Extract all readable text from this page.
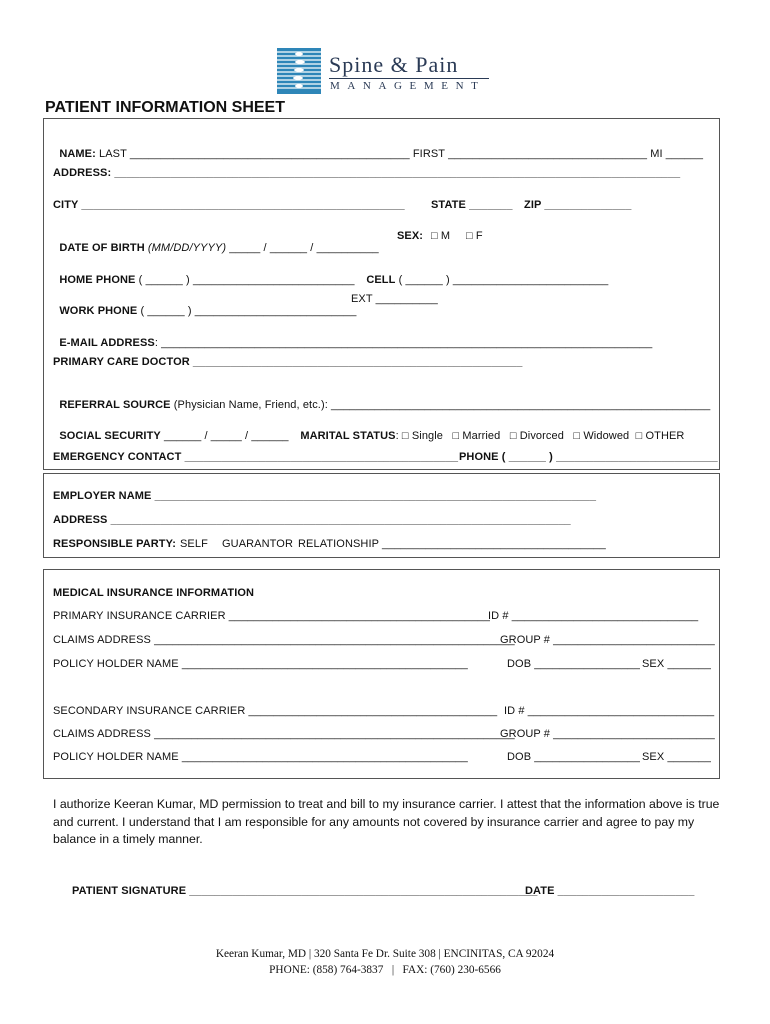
Spine & Pain
MANAGEMENT
PATIENT INFORMATION SHEET

NAME: LAST _____________________________________________ FIRST ________________________________ MI ______

ADDRESS: ___________________________________________________________________________________________
CITY ____________________________________________________ STATE _______ ZIP ______________

DATE OF BIRTH (MM/DD/YYYY) _____ / ______ / __________

SEX: □ M □ F

HOME PHONE ( ______ ) __________________________	CELL ( ______ ) _________________________

WORK PHONE ( ______ ) __________________________

EXT __________

E-MAIL ADDRESS: _______________________________________________________________________________

PRIMARY CARE DOCTOR _____________________________________________________

REFERRAL SOURCE (Physician Name, Friend, etc.): _____________________________________________________________

SOCIAL SECURITY ______ / _____ / ______	MARITAL STATUS: □ Single □ Married □ Divorced □ Widowed □ OTHER

EMERGENCY CONTACT ____________________________________________ PHONE ( ______ ) __________________________
EMPLOYER NAME _______________________________________________________________________
ADDRESS __________________________________________________________________________
RESPONSIBLE PARTY: SELF GUARANTOR RELATIONSHIP ____________________________________
MEDICAL INSURANCE INFORMATION
PRIMARY INSURANCE CARRIER __________________________________________
ID # ______________________________
CLAIMS ADDRESS __________________________________________________________
GROUP # __________________________
POLICY HOLDER NAME ______________________________________________	DOB _________________ SEX _______
SECONDARY INSURANCE CARRIER ________________________________________ ID # ______________________________
CLAIMS ADDRESS __________________________________________________________
GROUP # __________________________
POLICY HOLDER NAME ______________________________________________	DOB _________________ SEX _______
I authorize Keeran Kumar, MD permission to treat and bill to my insurance carrier. I attest that the information above is true and current. I understand that I am responsible for any amounts not covered by insurance carrier and agree to pay my balance in a timely manner.
PATIENT SIGNATURE ________________________________________________________
DATE ______________________
Keeran Kumar, MD | 320 Santa Fe Dr. Suite 308 | ENCINITAS, CA 92024
PHONE: (858) 764-3837   |   FAX: (760) 230-6566
